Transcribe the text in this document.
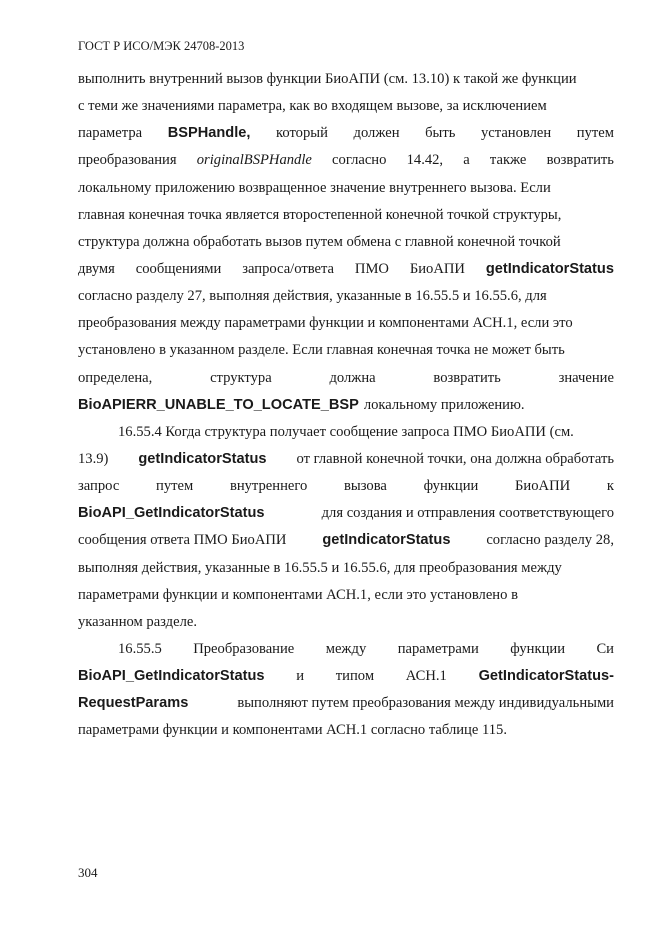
ГОСТ Р ИСО/МЭК 24708-2013
выполнить внутренний вызов функции БиоАПИ (см. 13.10) к такой же функции
с теми же значениями параметра, как во входящем вызове, за исключением
параметра BSPHandle, который должен быть установлен путем
преобразования originalBSPHandle согласно 14.42, а также возвратить
локальному приложению возвращенное значение внутреннего вызова. Если
главная конечная точка является второстепенной конечной точкой структуры,
структура должна обработать вызов путем обмена с главной конечной точкой
двумя сообщениями запроса/ответа ПМО БиоАПИ getIndicatorStatus
согласно разделу 27, выполняя действия, указанные в 16.55.5 и 16.55.6, для
преобразования между параметрами функции и компонентами АСН.1, если это
установлено в указанном разделе. Если главная конечная точка не может быть
определена,	структура	должна	возвратить	значение
BioAPIERR_UNABLE_TO_LOCATE_BSP локальному приложению.
16.55.4 Когда структура получает сообщение запроса ПМО БиоАПИ (см.
13.9) getIndicatorStatus от главной конечной точки, она должна обработать
запрос	путем	внутреннего	вызова	функции	БиоАПИ	к
BioAPI_GetIndicatorStatus	для создания и отправления соответствующего
сообщения ответа ПМО БиоАПИ getIndicatorStatus согласно разделу 28,
выполняя действия, указанные в 16.55.5 и 16.55.6, для преобразования между
параметрами функции и компонентами АСН.1, если это установлено в
указанном разделе.
16.55.5 Преобразование между параметрами функции Си
BioAPI_GetIndicatorStatus и типом АСН.1 GetIndicatorStatus-
RequestParams	выполняют путем преобразования между индивидуальными
параметрами функции и компонентами АСН.1 согласно таблице 115.
304
